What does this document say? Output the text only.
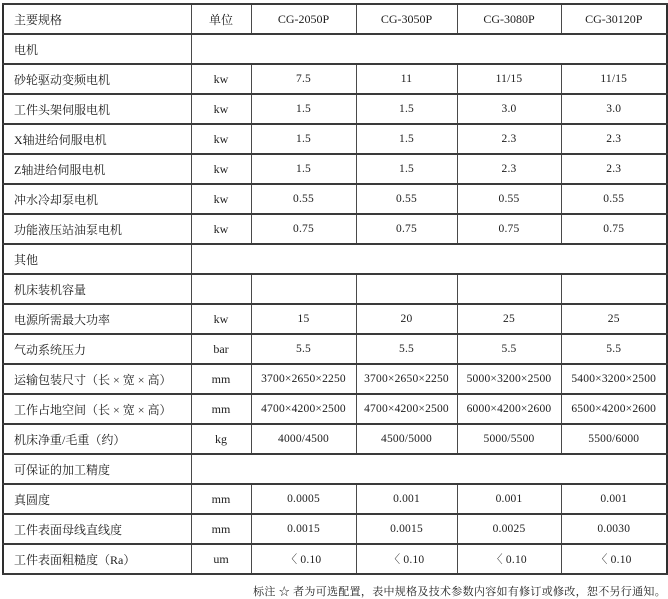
主要规格	单位	CG-2050P	CG-3050P	CG-3080P	CG-30120P
电机					
砂轮驱动变频电机	kw	7.5	11	11/15	11/15
工件头架伺服电机	kw	1.5	1.5	3.0	3.0
X轴进给伺服电机	kw	1.5	1.5	2.3	2.3
Z轴进给伺服电机	kw	1.5	1.5	2.3	2.3
冲水冷却泵电机	kw	0.55	0.55	0.55	0.55
功能液压站油泵电机	kw	0.75	0.75	0.75	0.75
其他					
机床装机容量					
电源所需最大功率	kw	15	20	25	25
气动系统压力	bar	5.5	5.5	5.5	5.5
运输包装尺寸（长 × 宽 × 高）	mm	3700×2650×2250	3700×2650×2250	5000×3200×2500	5400×3200×2500
工作占地空间（长 × 宽 × 高）	mm	4700×4200×2500	4700×4200×2500	6000×4200×2600	6500×4200×2600
机床净重/毛重（约）	kg	4000/4500	4500/5000	5000/5500	5500/6000
可保证的加工精度					
真圆度	mm	0.0005	0.001	0.001	0.001
工件表面母线直线度	mm	0.0015	0.0015	0.0025	0.0030
工件表面粗糙度（Ra）	um	〈 0.10	〈 0.10	〈 0.10	〈 0.10
标注 ☆ 者为可选配置，表中规格及技术参数内容如有修订或修改，恕不另行通知。
